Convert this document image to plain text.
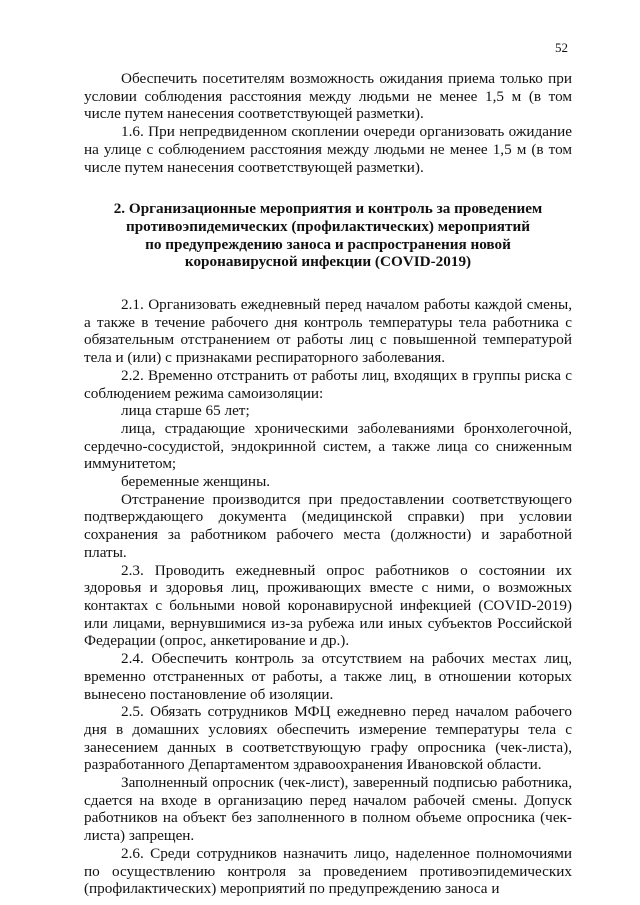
52

Обеспечить посетителям возможность ожидания приема только при условии соблюдения расстояния между людьми не менее 1,5 м (в том числе путем нанесения соответствующей разметки).

1.6. При непредвиденном скоплении очереди организовать ожидание на улице с соблюдением расстояния между людьми не менее 1,5 м (в том числе путем нанесения соответствующей разметки).

2. Организационные мероприятия и контроль за проведением
противоэпидемических (профилактических) мероприятий
по предупреждению заноса и распространения новой
коронавирусной инфекции (COVID-2019)

2.1. Организовать ежедневный перед началом работы каждой смены, а также в течение рабочего дня контроль температуры тела работника с обязательным отстранением от работы лиц с повышенной температурой тела и (или) с признаками респираторного заболевания.

2.2. Временно отстранить от работы лиц, входящих в группы риска с соблюдением режима самоизоляции:

лица старше 65 лет;

лица, страдающие хроническими заболеваниями бронхолегочной, сердечно-сосудистой, эндокринной систем, а также лица со сниженным иммунитетом;

беременные женщины.

Отстранение производится при предоставлении соответствующего подтверждающего документа (медицинской справки) при условии сохранения за работником рабочего места (должности) и заработной платы.

2.3. Проводить ежедневный опрос работников о состоянии их здоровья и здоровья лиц, проживающих вместе с ними, о возможных контактах с больными новой коронавирусной инфекцией (COVID-2019) или лицами, вернувшимися из-за рубежа или иных субъектов Российской Федерации (опрос, анкетирование и др.).

2.4. Обеспечить контроль за отсутствием на рабочих местах лиц, временно отстраненных от работы, а также лиц, в отношении которых вынесено постановление об изоляции.

2.5. Обязать сотрудников МФЦ ежедневно перед началом рабочего дня в домашних условиях обеспечить измерение температуры тела с занесением данных в соответствующую графу опросника (чек-листа), разработанного Департаментом здравоохранения Ивановской области.

Заполненный опросник (чек-лист), заверенный подписью работника, сдается на входе в организацию перед началом рабочей смены. Допуск работников на объект без заполненного в полном объеме опросника (чек-листа) запрещен.

2.6. Среди сотрудников назначить лицо, наделенное полномочиями по осуществлению контроля за проведением противоэпидемических (профилактических) мероприятий по предупреждению заноса и
